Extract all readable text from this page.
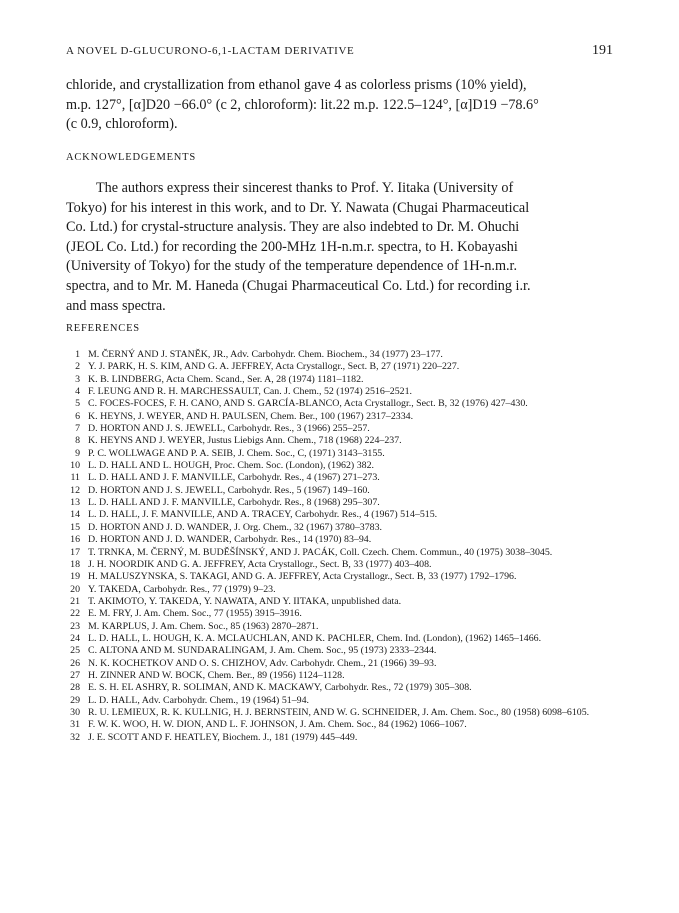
A NOVEL D-GLUCURONO-6,1-LACTAM DERIVATIVE	191
chloride, and crystallization from ethanol gave 4 as colorless prisms (10% yield),
m.p. 127°, [α]D20 −66.0° (c 2, chloroform): lit.22 m.p. 122.5–124°, [α]D19 −78.6°
(c 0.9, chloroform).
ACKNOWLEDGEMENTS
The authors express their sincerest thanks to Prof. Y. Iitaka (University of
Tokyo) for his interest in this work, and to Dr. Y. Nawata (Chugai Pharmaceutical
Co. Ltd.) for crystal-structure analysis. They are also indebted to Dr. M. Ohuchi
(JEOL Co. Ltd.) for recording the 200-MHz 1H-n.m.r. spectra, to H. Kobayashi
(University of Tokyo) for the study of the temperature dependence of 1H-n.m.r.
spectra, and to Mr. M. Haneda (Chugai Pharmaceutical Co. Ltd.) for recording i.r.
and mass spectra.
REFERENCES
1 M. ČERNÝ AND J. STANĚK, JR., Adv. Carbohydr. Chem. Biochem., 34 (1977) 23–177.
2 Y. J. PARK, H. S. KIM, AND G. A. JEFFREY, Acta Crystallogr., Sect. B, 27 (1971) 220–227.
3 K. B. LINDBERG, Acta Chem. Scand., Ser. A, 28 (1974) 1181–1182.
4 F. LEUNG AND R. H. MARCHESSAULT, Can. J. Chem., 52 (1974) 2516–2521.
5 C. FOCES-FOCES, F. H. CANO, AND S. GARCÍA-BLANCO, Acta Crystallogr., Sect. B, 32 (1976) 427–430.
6 K. HEYNS, J. WEYER, AND H. PAULSEN, Chem. Ber., 100 (1967) 2317–2334.
7 D. HORTON AND J. S. JEWELL, Carbohydr. Res., 3 (1966) 255–257.
8 K. HEYNS AND J. WEYER, Justus Liebigs Ann. Chem., 718 (1968) 224–237.
9 P. C. WOLLWAGE AND P. A. SEIB, J. Chem. Soc., C, (1971) 3143–3155.
10 L. D. HALL AND L. HOUGH, Proc. Chem. Soc. (London), (1962) 382.
11 L. D. HALL AND J. F. MANVILLE, Carbohydr. Res., 4 (1967) 271–273.
12 D. HORTON AND J. S. JEWELL, Carbohydr. Res., 5 (1967) 149–160.
13 L. D. HALL AND J. F. MANVILLE, Carbohydr. Res., 8 (1968) 295–307.
14 L. D. HALL, J. F. MANVILLE, AND A. TRACEY, Carbohydr. Res., 4 (1967) 514–515.
15 D. HORTON AND J. D. WANDER, J. Org. Chem., 32 (1967) 3780–3783.
16 D. HORTON AND J. D. WANDER, Carbohydr. Res., 14 (1970) 83–94.
17 T. TRNKA, M. ČERNÝ, M. BUDĚŠÍNSKÝ, AND J. PACÁK, Coll. Czech. Chem. Commun., 40 (1975) 3038–3045.
18 J. H. NOORDIK AND G. A. JEFFREY, Acta Crystallogr., Sect. B, 33 (1977) 403–408.
19 H. MALUSZYNSKA, S. TAKAGI, AND G. A. JEFFREY, Acta Crystallogr., Sect. B, 33 (1977) 1792–1796.
20 Y. TAKEDA, Carbohydr. Res., 77 (1979) 9–23.
21 T. AKIMOTO, Y. TAKEDA, Y. NAWATA, AND Y. IITAKA, unpublished data.
22 E. M. FRY, J. Am. Chem. Soc., 77 (1955) 3915–3916.
23 M. KARPLUS, J. Am. Chem. Soc., 85 (1963) 2870–2871.
24 L. D. HALL, L. HOUGH, K. A. MCLAUCHLAN, AND K. PACHLER, Chem. Ind. (London), (1962) 1465–1466.
25 C. ALTONA AND M. SUNDARALINGAM, J. Am. Chem. Soc., 95 (1973) 2333–2344.
26 N. K. KOCHETKOV AND O. S. CHIZHOV, Adv. Carbohydr. Chem., 21 (1966) 39–93.
27 H. ZINNER AND W. BOCK, Chem. Ber., 89 (1956) 1124–1128.
28 E. S. H. EL ASHRY, R. SOLIMAN, AND K. MACKAWY, Carbohydr. Res., 72 (1979) 305–308.
29 L. D. HALL, Adv. Carbohydr. Chem., 19 (1964) 51–94.
30 R. U. LEMIEUX, R. K. KULLNIG, H. J. BERNSTEIN, AND W. G. SCHNEIDER, J. Am. Chem. Soc., 80 (1958) 6098–6105.
31 F. W. K. WOO, H. W. DION, AND L. F. JOHNSON, J. Am. Chem. Soc., 84 (1962) 1066–1067.
32 J. E. SCOTT AND F. HEATLEY, Biochem. J., 181 (1979) 445–449.
